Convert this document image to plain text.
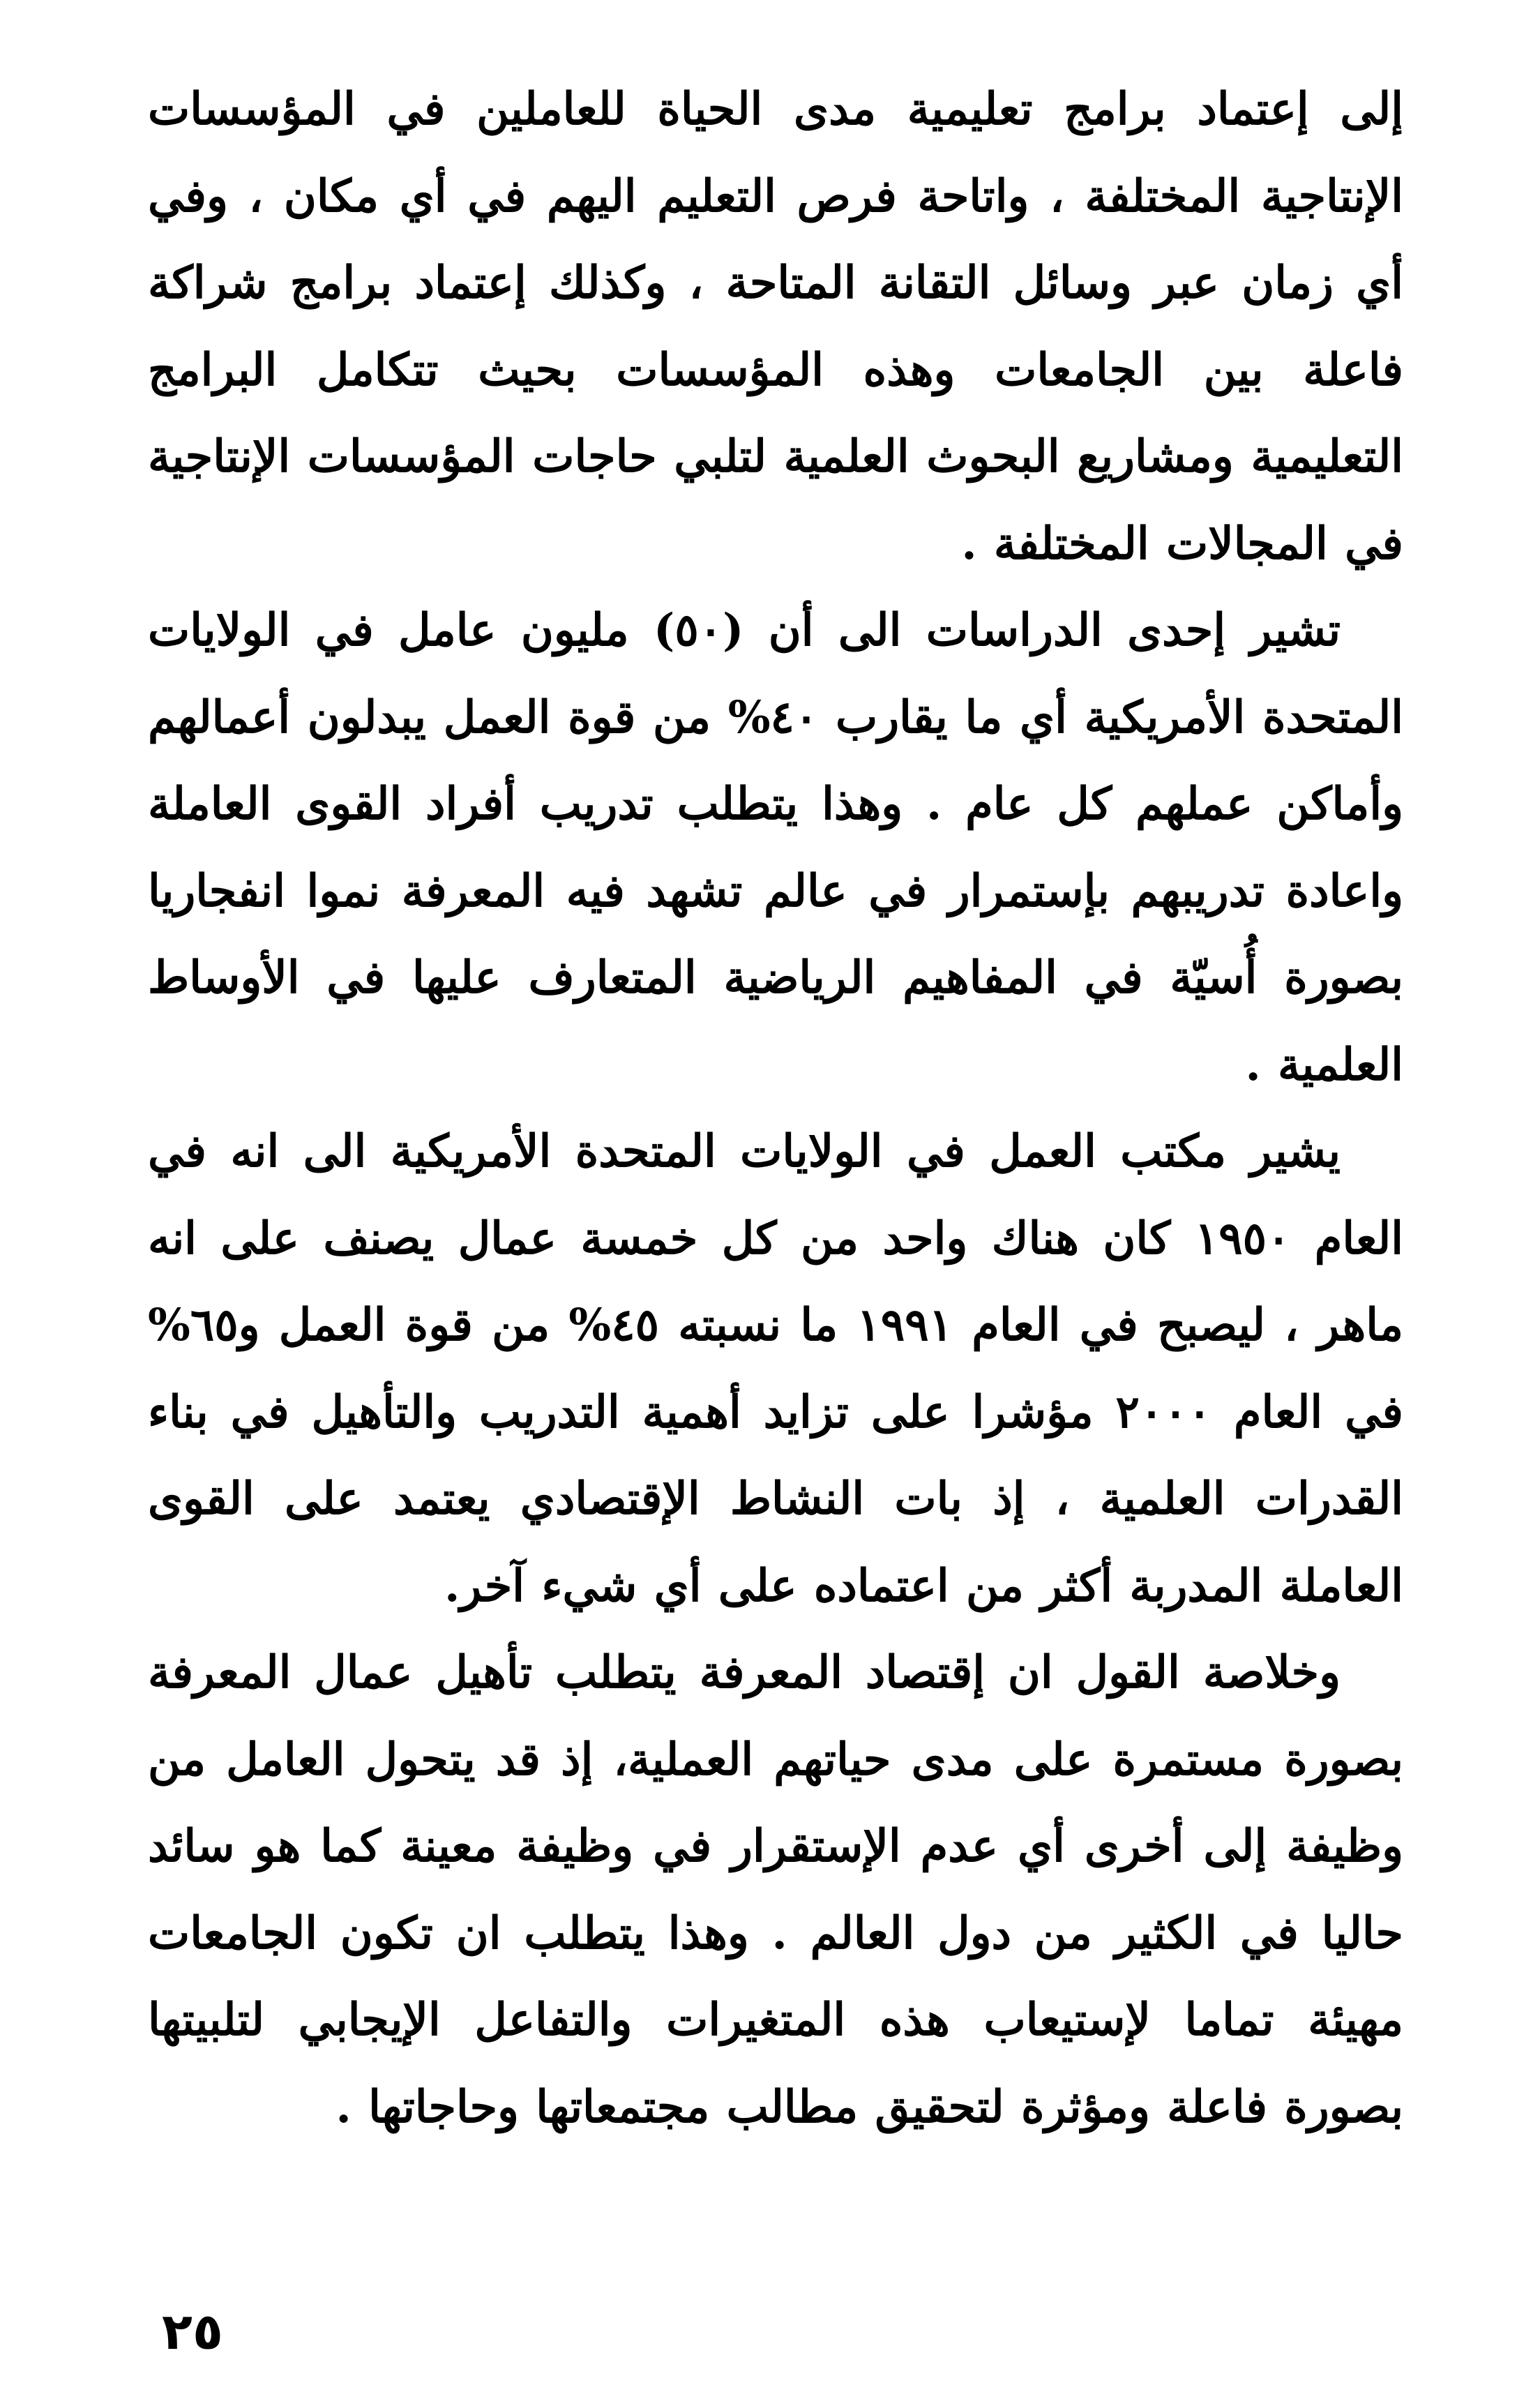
إلى إعتماد برامج تعليمية مدى الحياة للعاملين في المؤسسات الإنتاجية المختلفة ، واتاحة فرص التعليم اليهم في أي مكان ، وفي أي زمان عبر وسائل التقانة المتاحة ، وكذلك إعتماد برامج شراكة فاعلة بين الجامعات وهذه المؤسسات بحيث تتكامل البرامج التعليمية ومشاريع البحوث العلمية لتلبي حاجات المؤسسات الإنتاجية في المجالات المختلفة .

تشير إحدى الدراسات الى أن (٥٠) مليون عامل في الولايات المتحدة الأمريكية أي ما يقارب ٤٠% من قوة العمل يبدلون أعمالهم وأماكن عملهم كل عام . وهذا يتطلب تدريب أفراد القوى العاملة واعادة تدريبهم بإستمرار في عالم تشهد فيه المعرفة نموا انفجاريا بصورة أُسيّة في المفاهيم الرياضية المتعارف عليها في الأوساط العلمية .

يشير مكتب العمل في الولايات المتحدة الأمريكية الى انه في العام ١٩٥٠ كان هناك واحد من كل خمسة عمال يصنف على انه ماهر ، ليصبح في العام ١٩٩١ ما نسبته ٤٥% من قوة العمل و٦٥% في العام ٢٠٠٠ مؤشرا على تزايد أهمية التدريب والتأهيل في بناء القدرات العلمية ، إذ بات النشاط الإقتصادي يعتمد على القوى العاملة المدربة أكثر من اعتماده على أي شيء آخر.

وخلاصة القول ان إقتصاد المعرفة يتطلب تأهيل عمال المعرفة بصورة مستمرة على مدى حياتهم العملية، إذ قد يتحول العامل من وظيفة إلى أخرى أي عدم الإستقرار في وظيفة معينة كما هو سائد حاليا في الكثير من دول العالم . وهذا يتطلب ان تكون الجامعات مهيئة تماما لإستيعاب هذه المتغيرات والتفاعل الإيجابي لتلبيتها بصورة فاعلة ومؤثرة لتحقيق مطالب مجتمعاتها وحاجاتها .

٢٥
